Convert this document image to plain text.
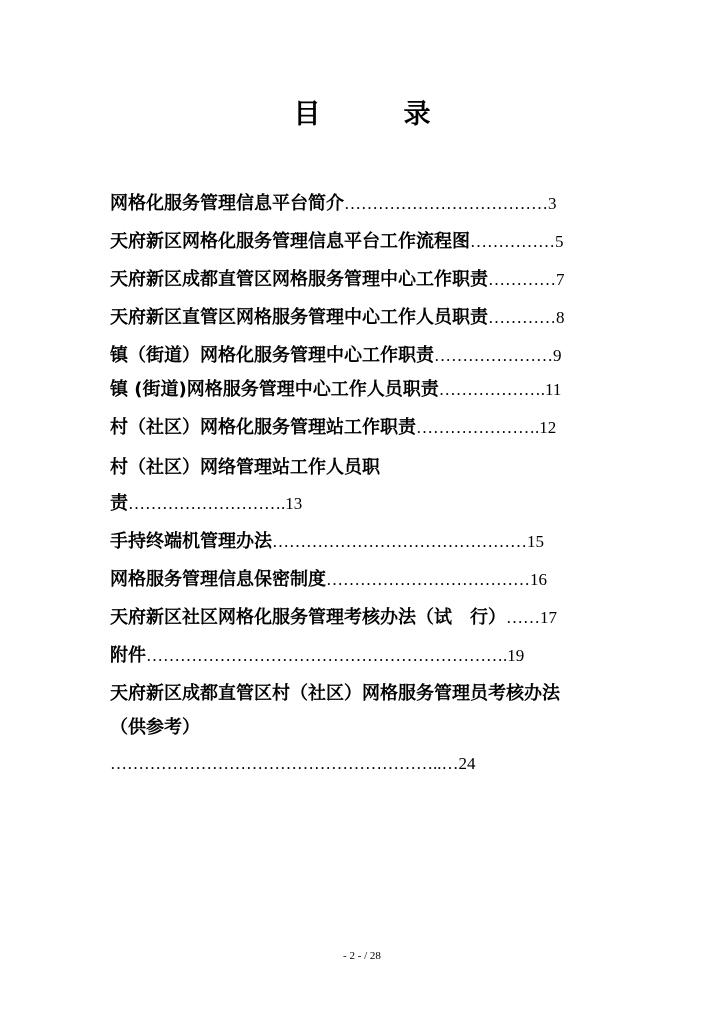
目　录
网格化服务管理信息平台简介………………………………3
天府新区网格化服务管理信息平台工作流程图……………5
天府新区成都直管区网格服务管理中心工作职责…………7
天府新区直管区网格服务管理中心工作人员职责…………8
镇（街道）网格化服务管理中心工作职责…………………9
镇 (街道)网格服务管理中心工作人员职责……………….11
村（社区）网格化服务管理站工作职责………………….12
村（社区）网络管理站工作人员职
责……………………….13
手持终端机管理办法………………………………………15
网格服务管理信息保密制度………………………………16
天府新区社区网格化服务管理考核办法（试　行）……17
附件……………………………………………………….19
天府新区成都直管区村（社区）网格服务管理员考核办法
（供参考）
…………………………………………………..…24
- 2 - / 28
